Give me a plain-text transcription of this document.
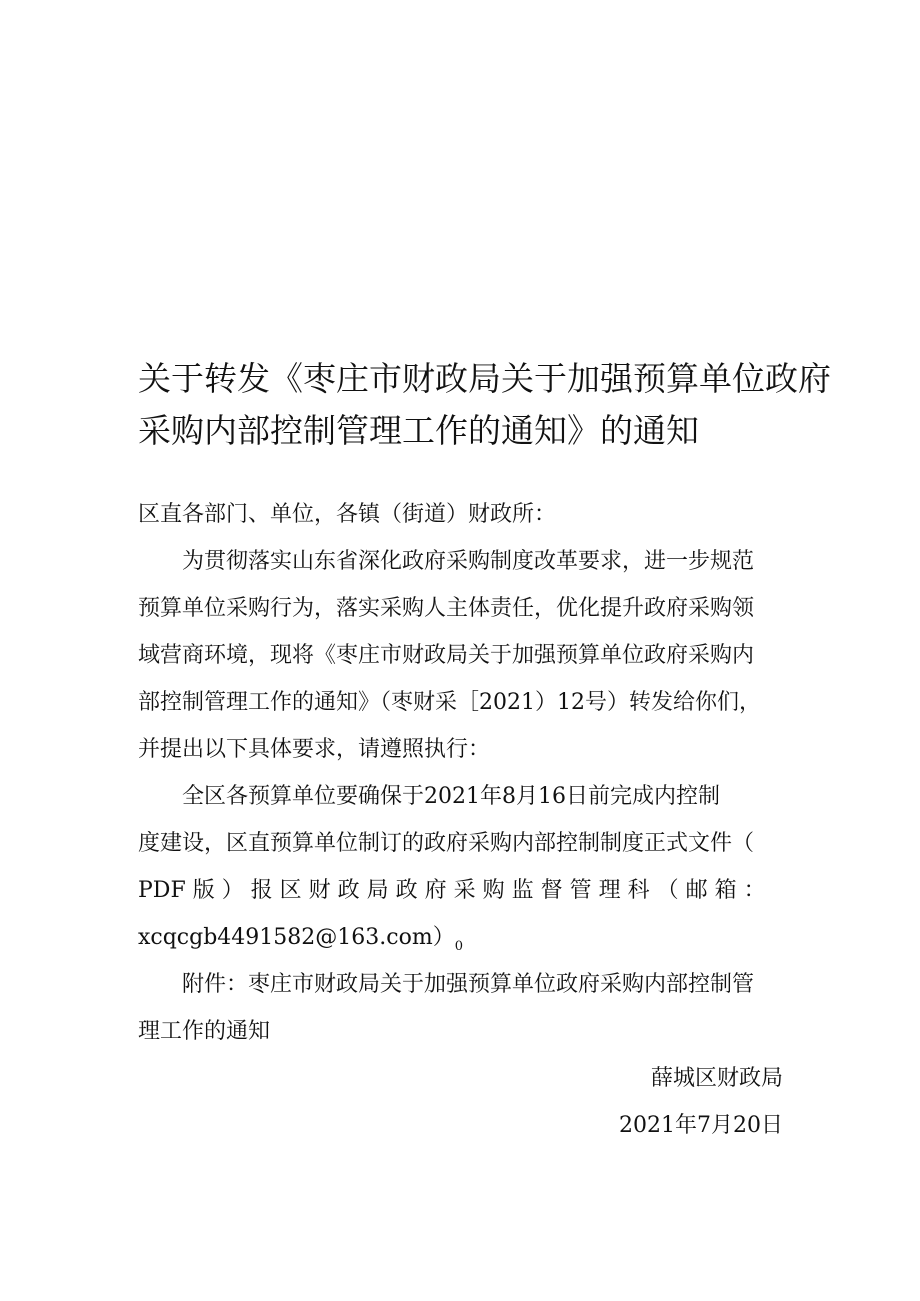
关于转发《枣庄市财政局关于加强预算单位政府
采购内部控制管理工作的通知》的通知
区直各部门、单位，各镇（街道）财政所：
为贯彻落实山东省深化政府采购制度改革要求，进一步规范
预算单位采购行为，落实采购人主体责任，优化提升政府采购领
域营商环境，现将《枣庄市财政局关于加强预算单位政府采购内
部控制管理工作的通知》（枣财采［2021）12号）转发给你们，
并提出以下具体要求，请遵照执行：
全区各预算单位要确保于2021年8月16日前完成内控制
度建设，区直预算单位制订的政府采购内部控制制度正式文件（
PDF 版 ） 报 区 财 政 局 政 府 采 购 监 督 管 理 科 （ 邮 箱 ：
$xcqcgb4491582@163.com)_0$
附件：枣庄市财政局关于加强预算单位政府采购内部控制管
理工作的通知
薛城区财政局
2021年7月20日
